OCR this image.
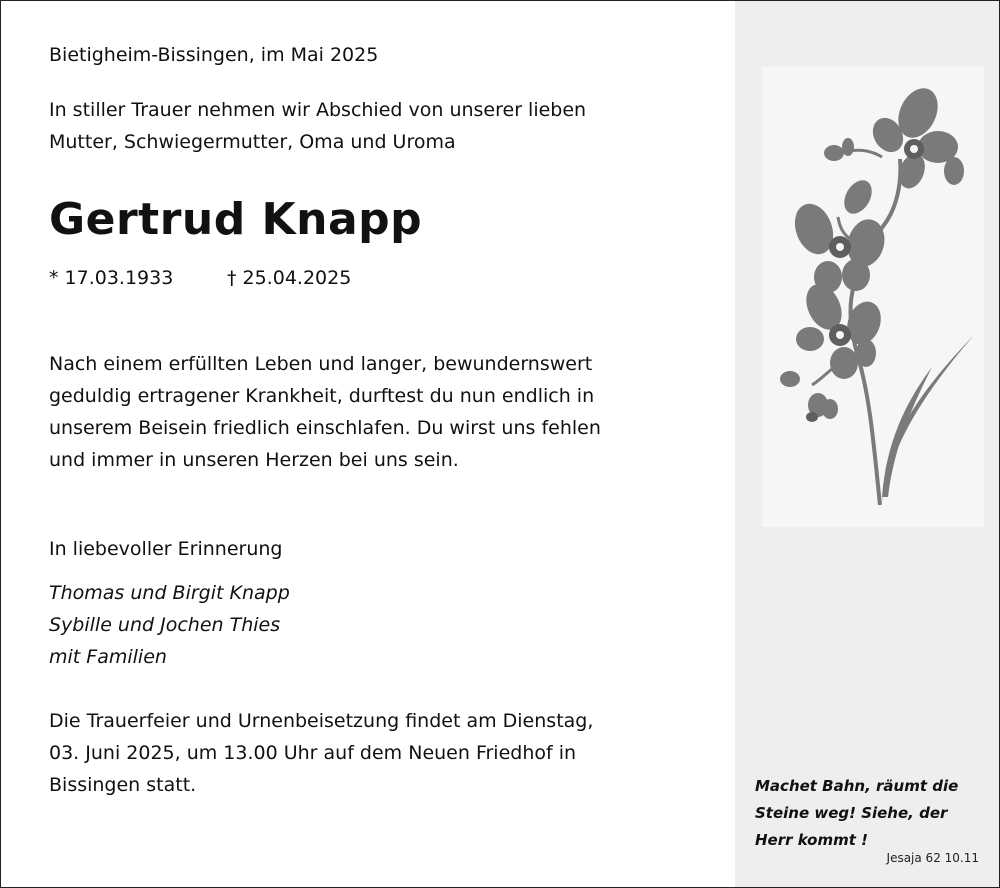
Bietigheim-Bissingen, im Mai 2025
In stiller Trauer nehmen wir Abschied von unserer lieben
Mutter, Schwiegermutter, Oma und Uroma
Gertrud Knapp
* 17.03.1933	† 25.04.2025
Nach einem erfüllten Leben und langer, bewundernswert
geduldig ertragener Krankheit, durftest du nun endlich in
unserem Beisein friedlich einschlafen. Du wirst uns fehlen
und immer in unseren Herzen bei uns sein.
In liebevoller Erinnerung
Thomas und Birgit Knapp
Sybille und Jochen Thies
mit Familien
Die Trauerfeier und Urnenbeisetzung findet am Dienstag,
03. Juni 2025, um 13.00 Uhr auf dem Neuen Friedhof in
Bissingen statt.	Machet Bahn, räumt die
Steine weg! Siehe, der
Herr kommt !
Jesaja 62 10.11
